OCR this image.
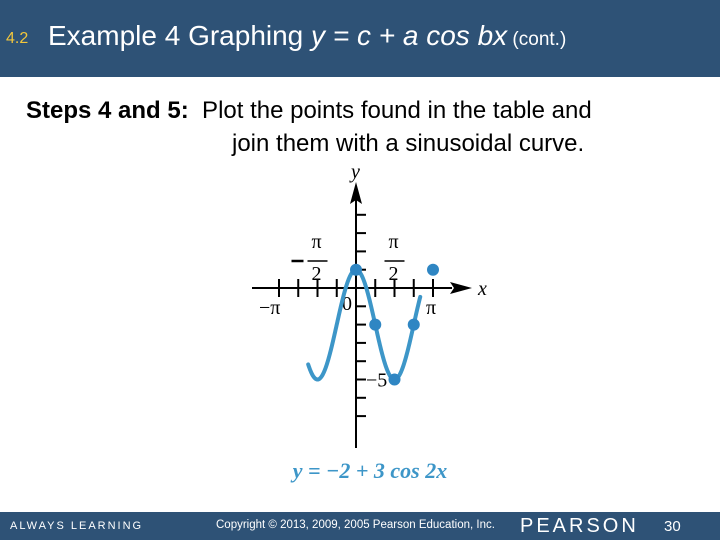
4.2 Example 4 Graphing y = c + a cos bx (cont.)
Steps 4 and 5:  Plot the points found in the table and
join them with a sinusoidal curve.
x
y
−π
π
2
π
2
0	π
−5
y = −2 + 3 cos 2x
ALWAYS LEARNING	Copyright © 2013, 2009, 2005 Pearson Education, Inc. PEARSON 30
